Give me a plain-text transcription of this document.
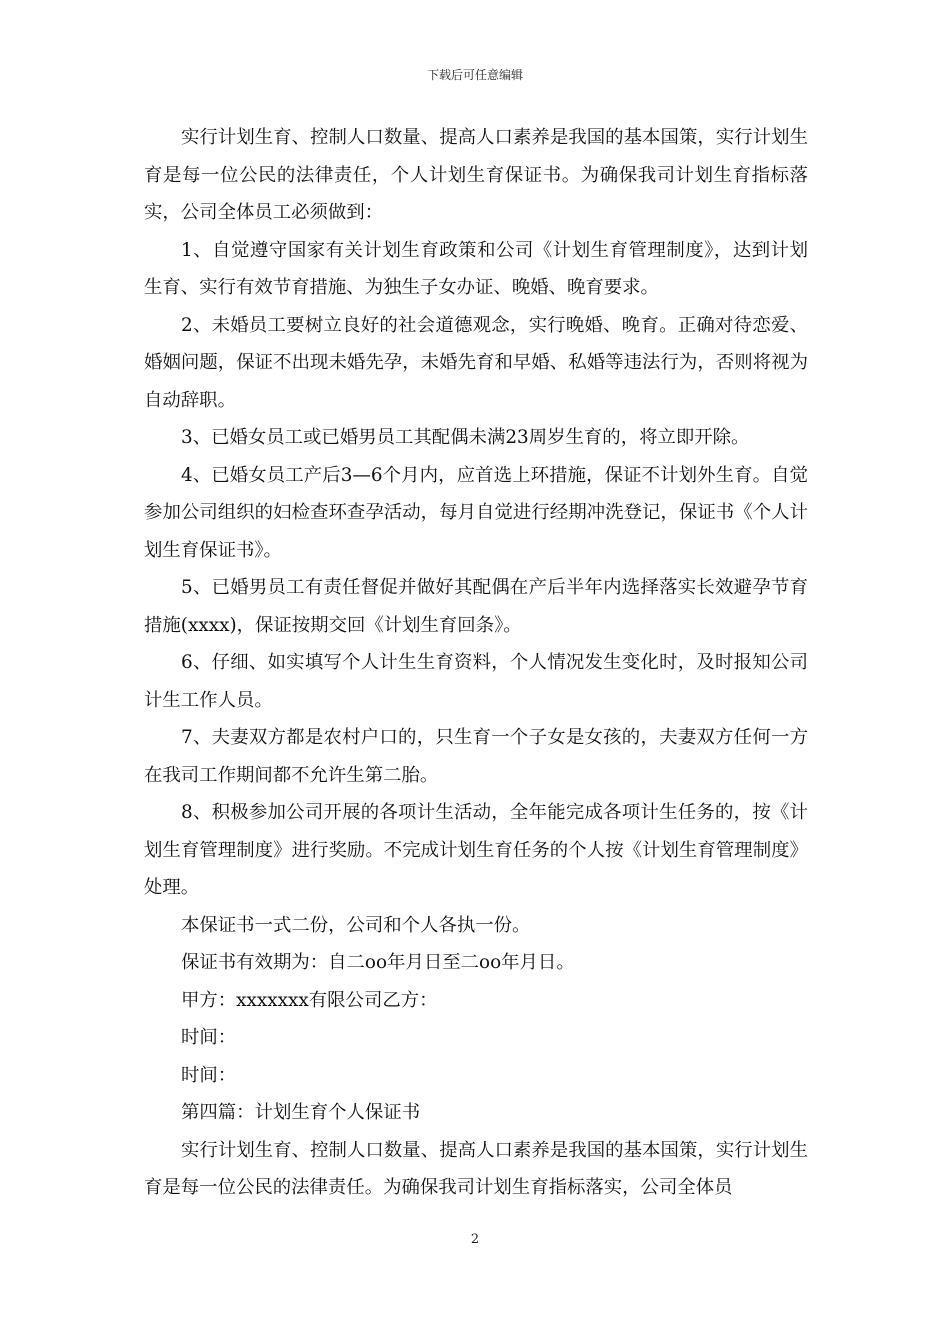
下载后可任意编辑

实行计划生育、控制人口数量、提高人口素养是我国的基本国策，实行计划生育是每一位公民的法律责任，个人计划生育保证书。为确保我司计划生育指标落实，公司全体员工必须做到：

1、自觉遵守国家有关计划生育政策和公司《计划生育管理制度》，达到计划生育、实行有效节育措施、为独生子女办证、晚婚、晚育要求。

2、未婚员工要树立良好的社会道德观念，实行晚婚、晚育。正确对待恋爱、婚姻问题，保证不出现未婚先孕，未婚先育和早婚、私婚等违法行为，否则将视为自动辞职。

3、已婚女员工或已婚男员工其配偶未满23周岁生育的，将立即开除。

4、已婚女员工产后3—6个月内，应首选上环措施，保证不计划外生育。自觉参加公司组织的妇检查环查孕活动，每月自觉进行经期冲洗登记，保证书《个人计划生育保证书》。

5、已婚男员工有责任督促并做好其配偶在产后半年内选择落实长效避孕节育措施(xxxx)，保证按期交回《计划生育回条》。

6、仔细、如实填写个人计生生育资料，个人情况发生变化时，及时报知公司计生工作人员。

7、夫妻双方都是农村户口的，只生育一个子女是女孩的，夫妻双方任何一方在我司工作期间都不允许生第二胎。

8、积极参加公司开展的各项计生活动，全年能完成各项计生任务的，按《计划生育管理制度》进行奖励。不完成计划生育任务的个人按《计划生育管理制度》处理。

本保证书一式二份，公司和个人各执一份。

保证书有效期为：自二oo年月日至二oo年月日。

甲方：xxxxxxx有限公司乙方：

时间：

时间：

第四篇：计划生育个人保证书

实行计划生育、控制人口数量、提高人口素养是我国的基本国策，实行计划生育是每一位公民的法律责任。为确保我司计划生育指标落实，公司全体员

2
